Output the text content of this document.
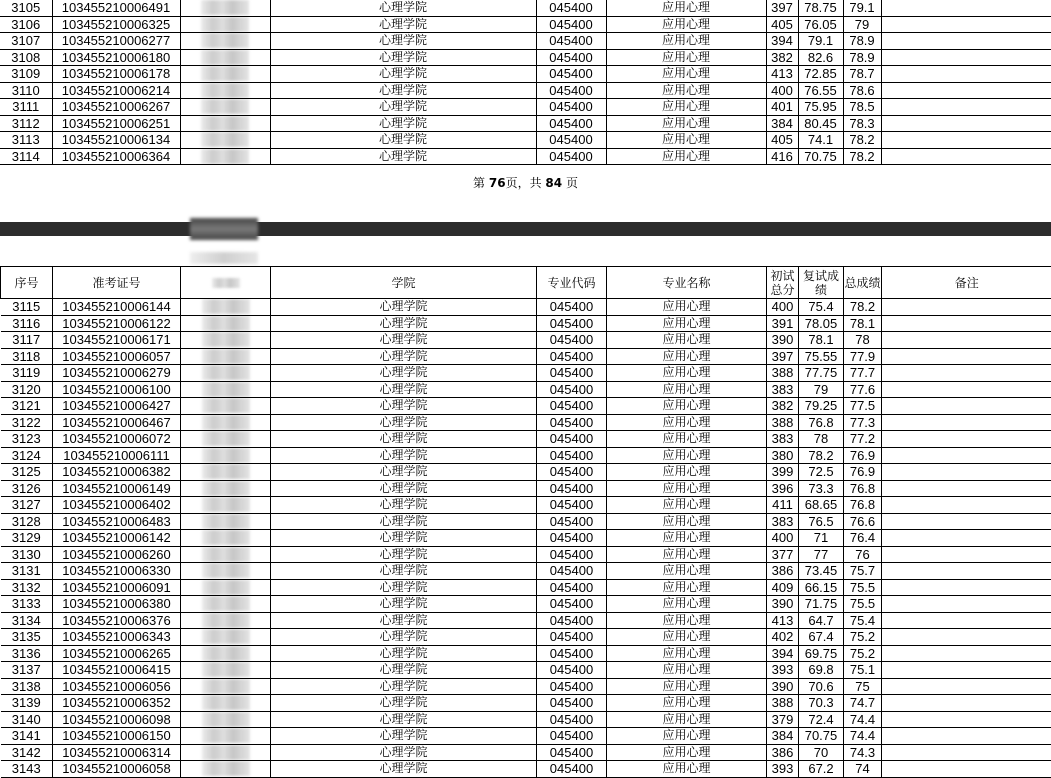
3105	103455210006491		心理学院	045400	应用心理	397	78.75	79.1	
3106	103455210006325		心理学院	045400	应用心理	405	76.05	79	
3107	103455210006277		心理学院	045400	应用心理	394	79.1	78.9	
3108	103455210006180		心理学院	045400	应用心理	382	82.6	78.9	
3109	103455210006178		心理学院	045400	应用心理	413	72.85	78.7	
3110	103455210006214		心理学院	045400	应用心理	400	76.55	78.6	
3111	103455210006267		心理学院	045400	应用心理	401	75.95	78.5	
3112	103455210006251		心理学院	045400	应用心理	384	80.45	78.3	
3113	103455210006134		心理学院	045400	应用心理	405	74.1	78.2	
3114	103455210006364		心理学院	045400	应用心理	416	70.75	78.2	
第 76页，共 84 页
序号	准考证号		学院	专业代码	专业名称	初试总分	复试成绩	总成绩	备注
3115	103455210006144		心理学院	045400	应用心理	400	75.4	78.2	
3116	103455210006122		心理学院	045400	应用心理	391	78.05	78.1	
3117	103455210006171		心理学院	045400	应用心理	390	78.1	78	
3118	103455210006057		心理学院	045400	应用心理	397	75.55	77.9	
3119	103455210006279		心理学院	045400	应用心理	388	77.75	77.7	
3120	103455210006100		心理学院	045400	应用心理	383	79	77.6	
3121	103455210006427		心理学院	045400	应用心理	382	79.25	77.5	
3122	103455210006467		心理学院	045400	应用心理	388	76.8	77.3	
3123	103455210006072		心理学院	045400	应用心理	383	78	77.2	
3124	103455210006111		心理学院	045400	应用心理	380	78.2	76.9	
3125	103455210006382		心理学院	045400	应用心理	399	72.5	76.9	
3126	103455210006149		心理学院	045400	应用心理	396	73.3	76.8	
3127	103455210006402		心理学院	045400	应用心理	411	68.65	76.8	
3128	103455210006483		心理学院	045400	应用心理	383	76.5	76.6	
3129	103455210006142		心理学院	045400	应用心理	400	71	76.4	
3130	103455210006260		心理学院	045400	应用心理	377	77	76	
3131	103455210006330		心理学院	045400	应用心理	386	73.45	75.7	
3132	103455210006091		心理学院	045400	应用心理	409	66.15	75.5	
3133	103455210006380		心理学院	045400	应用心理	390	71.75	75.5	
3134	103455210006376		心理学院	045400	应用心理	413	64.7	75.4	
3135	103455210006343		心理学院	045400	应用心理	402	67.4	75.2	
3136	103455210006265		心理学院	045400	应用心理	394	69.75	75.2	
3137	103455210006415		心理学院	045400	应用心理	393	69.8	75.1	
3138	103455210006056		心理学院	045400	应用心理	390	70.6	75	
3139	103455210006352		心理学院	045400	应用心理	388	70.3	74.7	
3140	103455210006098		心理学院	045400	应用心理	379	72.4	74.4	
3141	103455210006150		心理学院	045400	应用心理	384	70.75	74.4	
3142	103455210006314		心理学院	045400	应用心理	386	70	74.3	
3143	103455210006058		心理学院	045400	应用心理	393	67.2	74	
